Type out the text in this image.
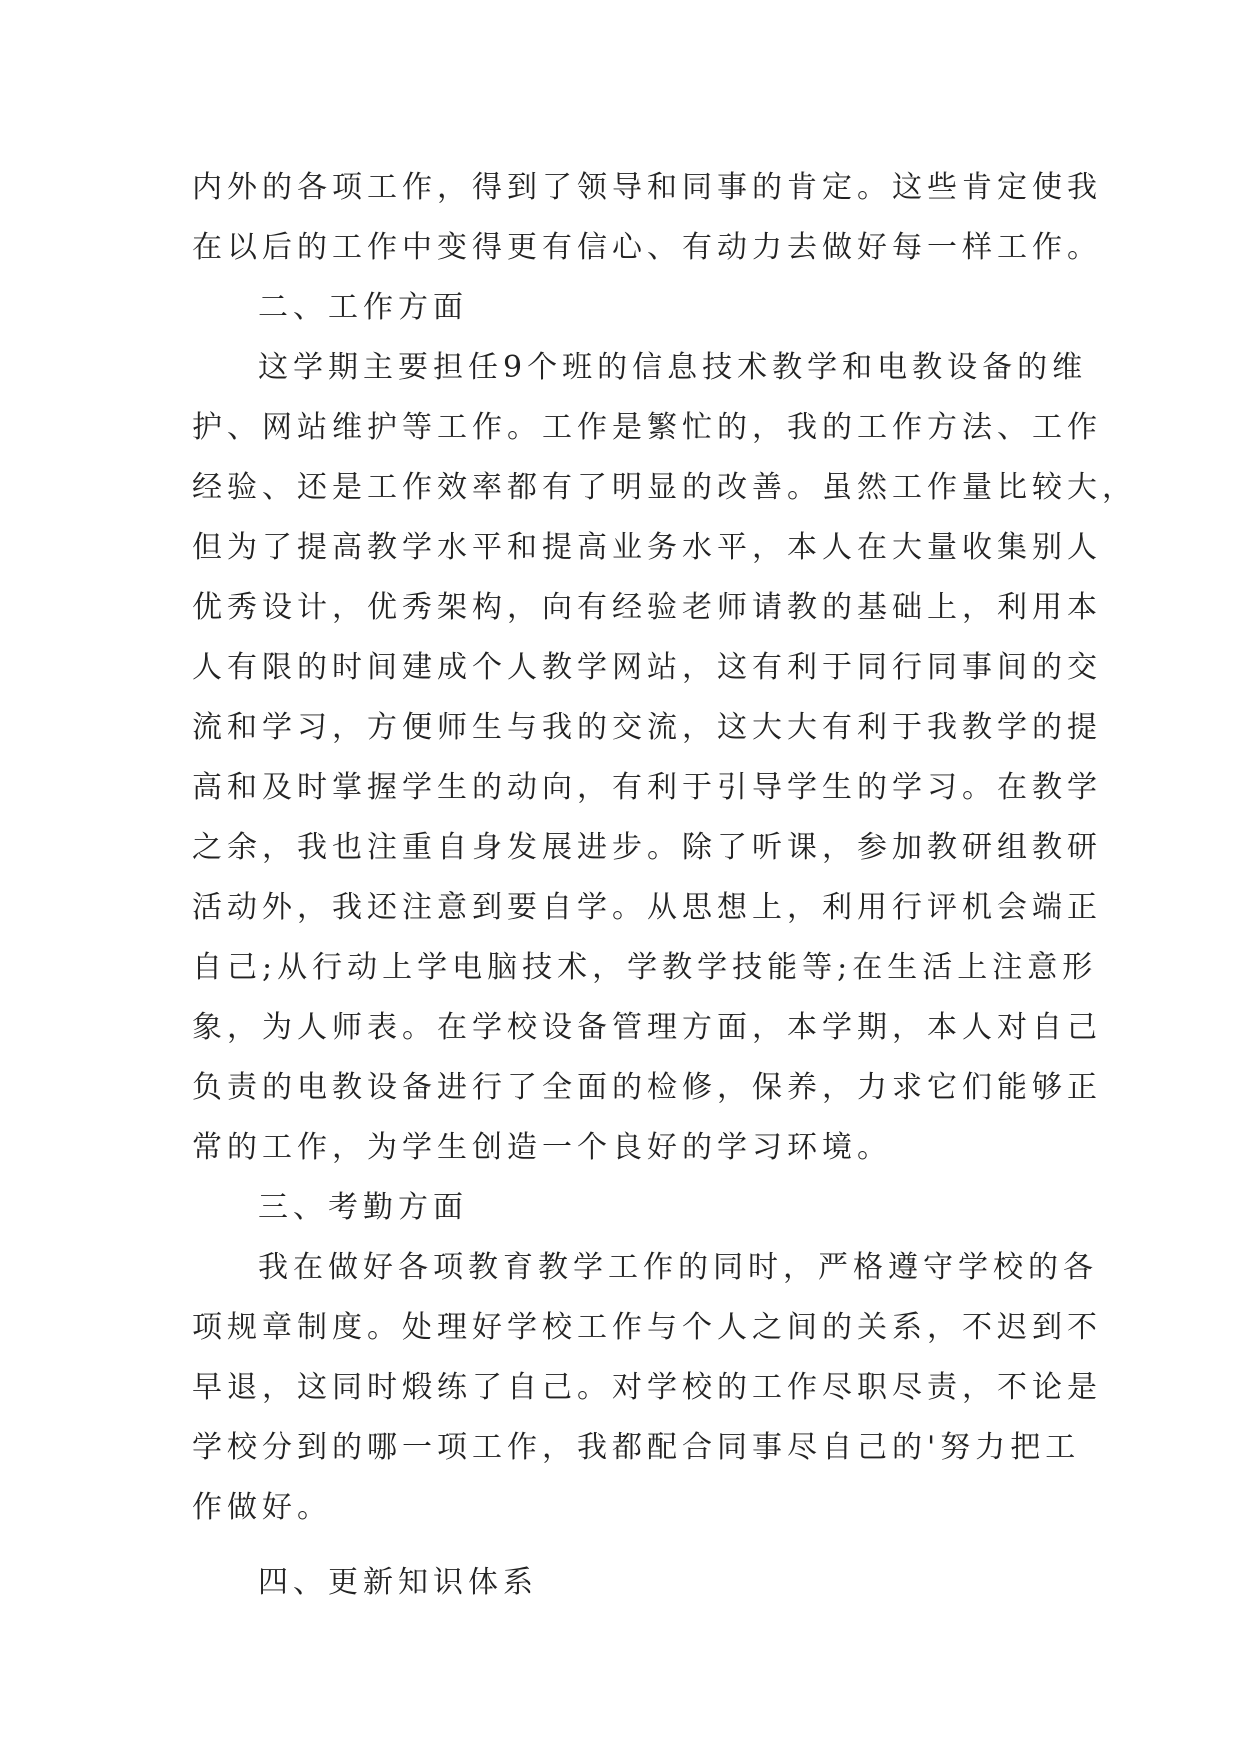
内外的各项工作，得到了领导和同事的肯定。这些肯定使我
在以后的工作中变得更有信心、有动力去做好每一样工作。
二、工作方面
这学期主要担任9个班的信息技术教学和电教设备的维
护、网站维护等工作。工作是繁忙的，我的工作方法、工作
经验、还是工作效率都有了明显的改善。虽然工作量比较大，
但为了提高教学水平和提高业务水平，本人在大量收集别人
优秀设计，优秀架构，向有经验老师请教的基础上，利用本
人有限的时间建成个人教学网站，这有利于同行同事间的交
流和学习，方便师生与我的交流，这大大有利于我教学的提
高和及时掌握学生的动向，有利于引导学生的学习。在教学
之余，我也注重自身发展进步。除了听课，参加教研组教研
活动外，我还注意到要自学。从思想上，利用行评机会端正
自己;从行动上学电脑技术，学教学技能等;在生活上注意形
象，为人师表。在学校设备管理方面，本学期，本人对自己
负责的电教设备进行了全面的检修，保养，力求它们能够正
常的工作，为学生创造一个良好的学习环境。
三、考勤方面
我在做好各项教育教学工作的同时，严格遵守学校的各
项规章制度。处理好学校工作与个人之间的关系，不迟到不
早退，这同时煅练了自己。对学校的工作尽职尽责，不论是
学校分到的哪一项工作，我都配合同事尽自己的'努力把工
作做好。
四、更新知识体系
